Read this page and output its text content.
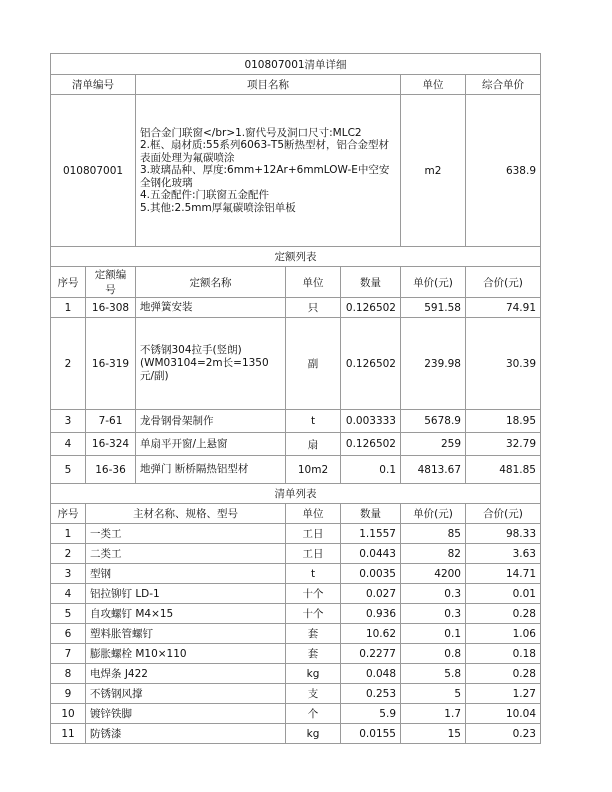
010807001清单详细						
清单编号		项目名称			单位	综合单价
010807001		铝合金门联窗</br>1.窗代号及洞口尺寸:MLC2
2.框、扇材质:55系列6063-T5断热型材，铝合金型材表面处理为氟碳喷涂
3.玻璃品种、厚度:6mm+12Ar+6mmLOW-E中空安全钢化玻璃
4.五金配件:门联窗五金配件
5.其他:2.5mm厚氟碳喷涂铝单板			m2	638.9
定额列表						
序号	定额编号	定额名称	单位	数量	单价(元)	合价(元)
1	16-308	地弹簧安装	只	0.126502	591.58	74.91
2	16-319	不锈钢304拉手(竖朗)(WM03104=2m长=1350元/副)	副	0.126502	239.98	30.39
3	7-61	龙骨钢骨架制作	t	0.003333	5678.9	18.95
4	16-324	单扇平开窗/上悬窗	扇	0.126502	259	32.79
5	16-36	地弹门 断桥隔热铝型材	10m2	0.1	4813.67	481.85
清单列表						
序号	主材名称、规格、型号		单位	数量	单价(元)	合价(元)
1	一类工		工日	1.1557	85	98.33
2	二类工		工日	0.0443	82	3.63
3	型钢		t	0.0035	4200	14.71
4	铝拉铆钉 LD-1		十个	0.027	0.3	0.01
5	自攻螺钉 M4×15		十个	0.936	0.3	0.28
6	塑料胀管螺钉		套	10.62	0.1	1.06
7	膨胀螺栓 M10×110		套	0.2277	0.8	0.18
8	电焊条 J422		kg	0.048	5.8	0.28
9	不锈钢风撑		支	0.253	5	1.27
10	镀锌铁脚		个	5.9	1.7	10.04
11	防锈漆		kg	0.0155	15	0.23
